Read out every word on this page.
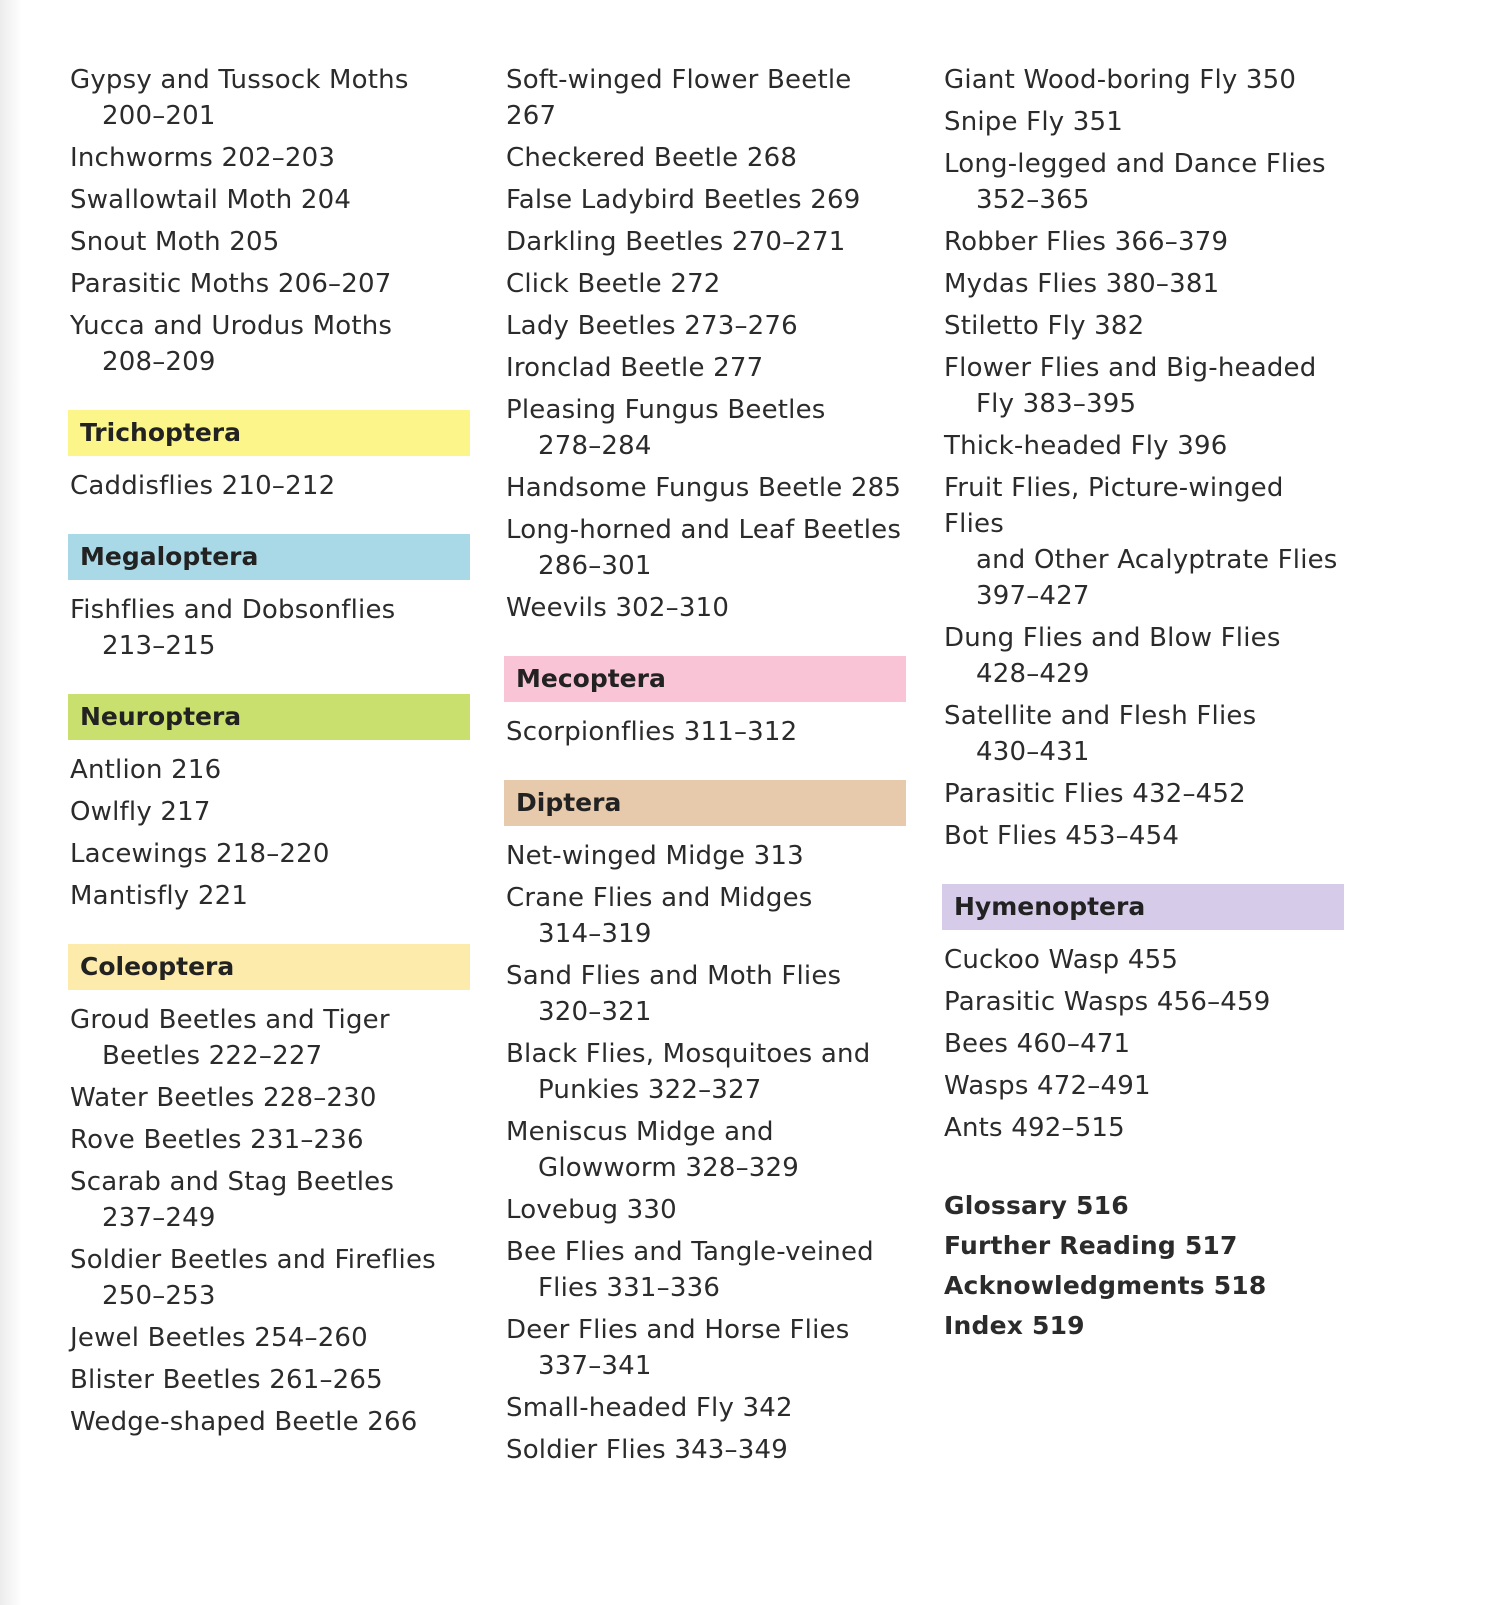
Gypsy and Tussock Moths
200–201
Inchworms 202–203
Swallowtail Moth 204
Snout Moth 205
Parasitic Moths 206–207
Yucca and Urodus Moths
208–209
Trichoptera
Caddisflies 210–212
Megaloptera
Fishflies and Dobsonflies
213–215
Neuroptera
Antlion 216
Owlfly 217
Lacewings 218–220
Mantisfly 221
Coleoptera
Groud Beetles and Tiger
Beetles 222–227
Water Beetles 228–230
Rove Beetles 231–236
Scarab and Stag Beetles
237–249
Soldier Beetles and Fireflies
250–253
Jewel Beetles 254–260
Blister Beetles 261–265
Wedge-shaped Beetle 266
Soft-winged Flower Beetle 267
Checkered Beetle 268
False Ladybird Beetles 269
Darkling Beetles 270–271
Click Beetle 272
Lady Beetles 273–276
Ironclad Beetle 277
Pleasing Fungus Beetles
278–284
Handsome Fungus Beetle 285
Long-horned and Leaf Beetles
286–301
Weevils 302–310
Mecoptera
Scorpionflies 311–312
Diptera
Net-winged Midge 313
Crane Flies and Midges
314–319
Sand Flies and Moth Flies
320–321
Black Flies, Mosquitoes and
Punkies 322–327
Meniscus Midge and
Glowworm 328–329
Lovebug 330
Bee Flies and Tangle-veined
Flies 331–336
Deer Flies and Horse Flies
337–341
Small-headed Fly 342
Soldier Flies 343–349
Giant Wood-boring Fly 350
Snipe Fly 351
Long-legged and Dance Flies
352–365
Robber Flies 366–379
Mydas Flies 380–381
Stiletto Fly 382
Flower Flies and Big-headed
Fly 383–395
Thick-headed Fly 396
Fruit Flies, Picture-winged Flies
and Other Acalyptrate Flies
397–427
Dung Flies and Blow Flies
428–429
Satellite and Flesh Flies
430–431
Parasitic Flies 432–452
Bot Flies 453–454
Hymenoptera
Cuckoo Wasp 455
Parasitic Wasps 456–459
Bees 460–471
Wasps 472–491
Ants 492–515
Glossary 516
Further Reading 517
Acknowledgments 518
Index 519
